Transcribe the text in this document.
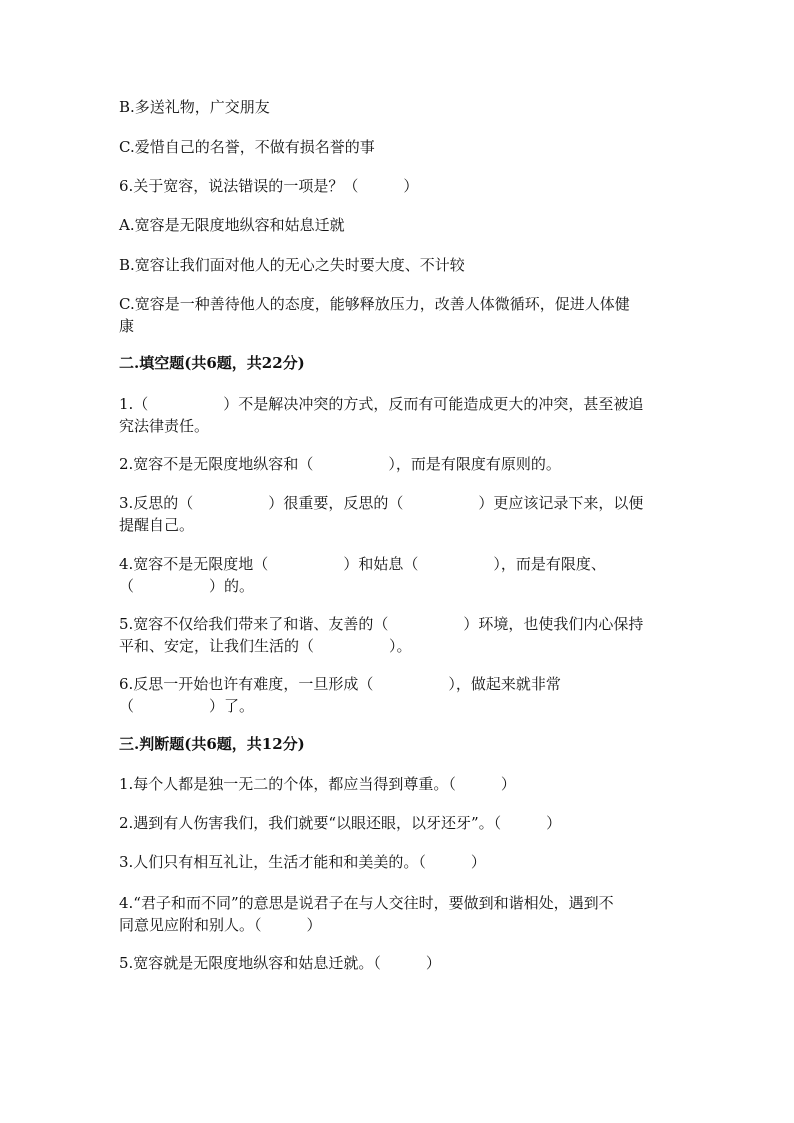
B.多送礼物，广交朋友
C.爱惜自己的名誉，不做有损名誉的事
6.关于宽容，说法错误的一项是？（　　　）
A.宽容是无限度地纵容和姑息迁就
B.宽容让我们面对他人的无心之失时要大度、不计较
C.宽容是一种善待他人的态度，能够释放压力，改善人体微循环，促进人体健
康
二.填空题(共6题，共22分)
1.（　　　　　）不是解决冲突的方式，反而有可能造成更大的冲突，甚至被追
究法律责任。
2.宽容不是无限度地纵容和（　　　　　），而是有限度有原则的。
3.反思的（　　　　　）很重要，反思的（　　　　　）更应该记录下来，以便
提醒自己。
4.宽容不是无限度地（　　　　　）和姑息（　　　　　），而是有限度、
（　　　　　）的。
5.宽容不仅给我们带来了和谐、友善的（　　　　　）环境，也使我们内心保持
平和、安定，让我们生活的（　　　　　）。
6.反思一开始也许有难度，一旦形成（　　　　　），做起来就非常
（　　　　　）了。
三.判断题(共6题，共12分)
1.每个人都是独一无二的个体，都应当得到尊重。（　　　）
2.遇到有人伤害我们，我们就要“以眼还眼，以牙还牙”。（　　　）
3.人们只有相互礼让，生活才能和和美美的。（　　　）
4.“君子和而不同”的意思是说君子在与人交往时，要做到和谐相处，遇到不
同意见应附和别人。（　　　）
5.宽容就是无限度地纵容和姑息迁就。（　　　）
